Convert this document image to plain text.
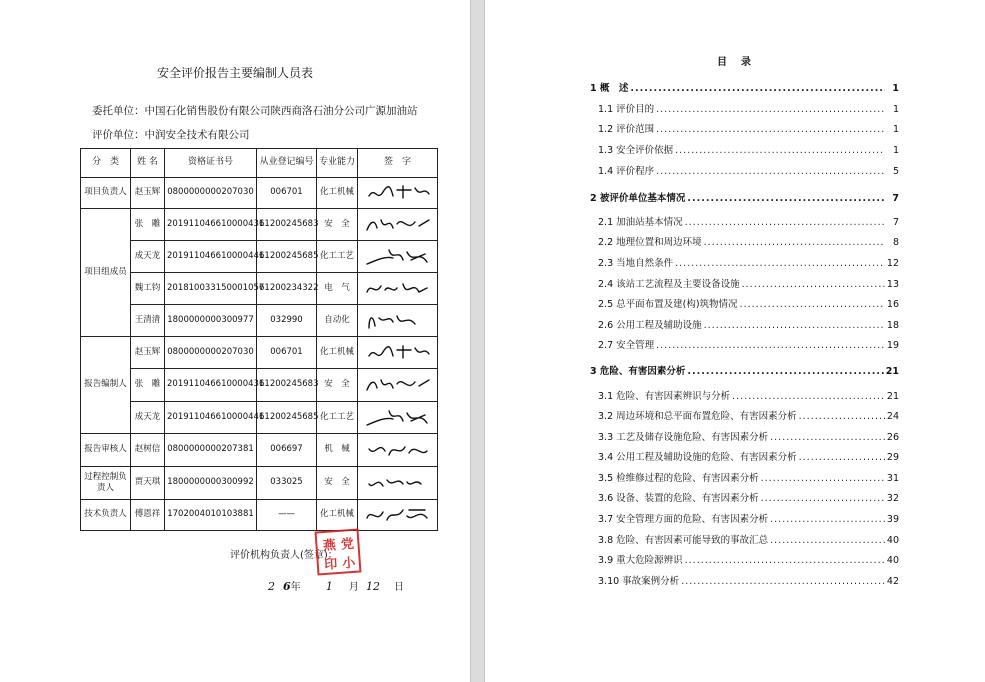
安全评价报告主要编制人员表
委托单位：中国石化销售股份有限公司陕西商洛石油分公司广源加油站
评价单位：中润安全技术有限公司
分　类	姓 名	资格证书号	从业登记编号	专业能力	签　字
项目负责人	赵玉辉	0800000000207030	006701	化工机械	

项目组成员	张　雕	201911046610000431	61200245683	安　全	

	成天龙	201911046610000441	61200245685	化工工艺	

	魏工钧	201810033150001057	61200234322	电　气	

	王清清	1800000000300977	032990	自动化	

报告编制人	赵玉辉	0800000000207030	006701	化工机械	

	张　雕	201911046610000431	61200245683	安　全	

	成天龙	201911046610000441	61200245685	化工工艺	

报告审核人	赵树信	0800000000207381	006697	机　械	

过程控制负责人	贾天琪	1800000000300992	033025	安　全	

技术负责人	傅恩祥	1702004010103881	——	化工机械	
评价机构负责人(签章)：
燕 党
印 小
2 6年 1 月 12 日
目　录
1 概　述 .....	1
1.1 评价目的 .....	1
1.2 评价范围 .....	1
1.3 安全评价依据 .....	1
1.4 评价程序 .....	5
2 被评价单位基本情况 .....	7
2.1 加油站基本情况 .....	7
2.2 地理位置和周边环境 .....	8
2.3 当地自然条件 .....	12
2.4 该站工艺流程及主要设备设施 .....	13
2.5 总平面布置及建(构)筑物情况 .....	16
2.6 公用工程及辅助设施 .....	18
2.7 安全管理 .....	19
3 危险、有害因素分析 .....	21
3.1 危险、有害因素辨识与分析 .....	21
3.2 周边环境和总平面布置危险、有害因素分析 .....	24
3.3 工艺及储存设施危险、有害因素分析 .....	26
3.4 公用工程及辅助设施的危险、有害因素分析 .....	29
3.5 检维修过程的危险、有害因素分析 .....	31
3.6 设备、装置的危险、有害因素分析 .....	32
3.7 安全管理方面的危险、有害因素分析 .....	39
3.8 危险、有害因素可能导致的事故汇总 .....	40
3.9 重大危险源辨识 .....	40
3.10 事故案例分析 .....	42
